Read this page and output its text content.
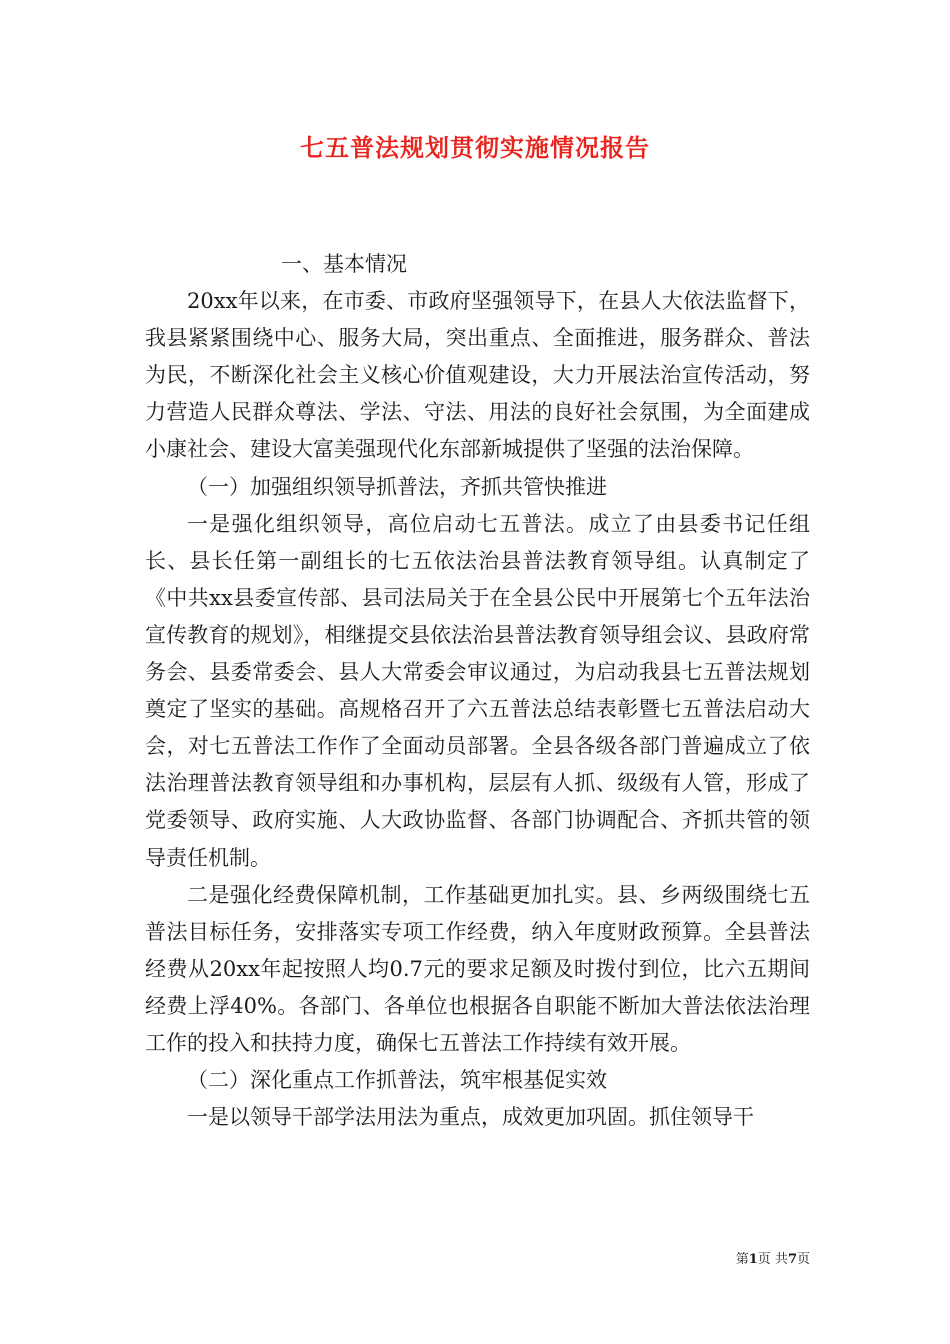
七五普法规划贯彻实施情况报告

一、基本情况

20xx年以来，在市委、市政府坚强领导下，在县人大依法监督下，我县紧紧围绕中心、服务大局，突出重点、全面推进，服务群众、普法为民，不断深化社会主义核心价值观建设，大力开展法治宣传活动，努力营造人民群众尊法、学法、守法、用法的良好社会氛围，为全面建成小康社会、建设大富美强现代化东部新城提供了坚强的法治保障。

（一）加强组织领导抓普法，齐抓共管快推进

一是强化组织领导，高位启动七五普法。成立了由县委书记任组长、县长任第一副组长的七五依法治县普法教育领导组。认真制定了《中共xx县委宣传部、县司法局关于在全县公民中开展第七个五年法治宣传教育的规划》，相继提交县依法治县普法教育领导组会议、县政府常务会、县委常委会、县人大常委会审议通过，为启动我县七五普法规划奠定了坚实的基础。高规格召开了六五普法总结表彰暨七五普法启动大会，对七五普法工作作了全面动员部署。全县各级各部门普遍成立了依法治理普法教育领导组和办事机构，层层有人抓、级级有人管，形成了党委领导、政府实施、人大政协监督、各部门协调配合、齐抓共管的领导责任机制。

二是强化经费保障机制，工作基础更加扎实。县、乡两级围绕七五普法目标任务，安排落实专项工作经费，纳入年度财政预算。全县普法经费从20xx年起按照人均0.7元的要求足额及时拨付到位，比六五期间经费上浮40%。各部门、各单位也根据各自职能不断加大普法依法治理工作的投入和扶持力度，确保七五普法工作持续有效开展。

（二）深化重点工作抓普法，筑牢根基促实效

一是以领导干部学法用法为重点，成效更加巩固。抓住领导干

第1页 共7页
